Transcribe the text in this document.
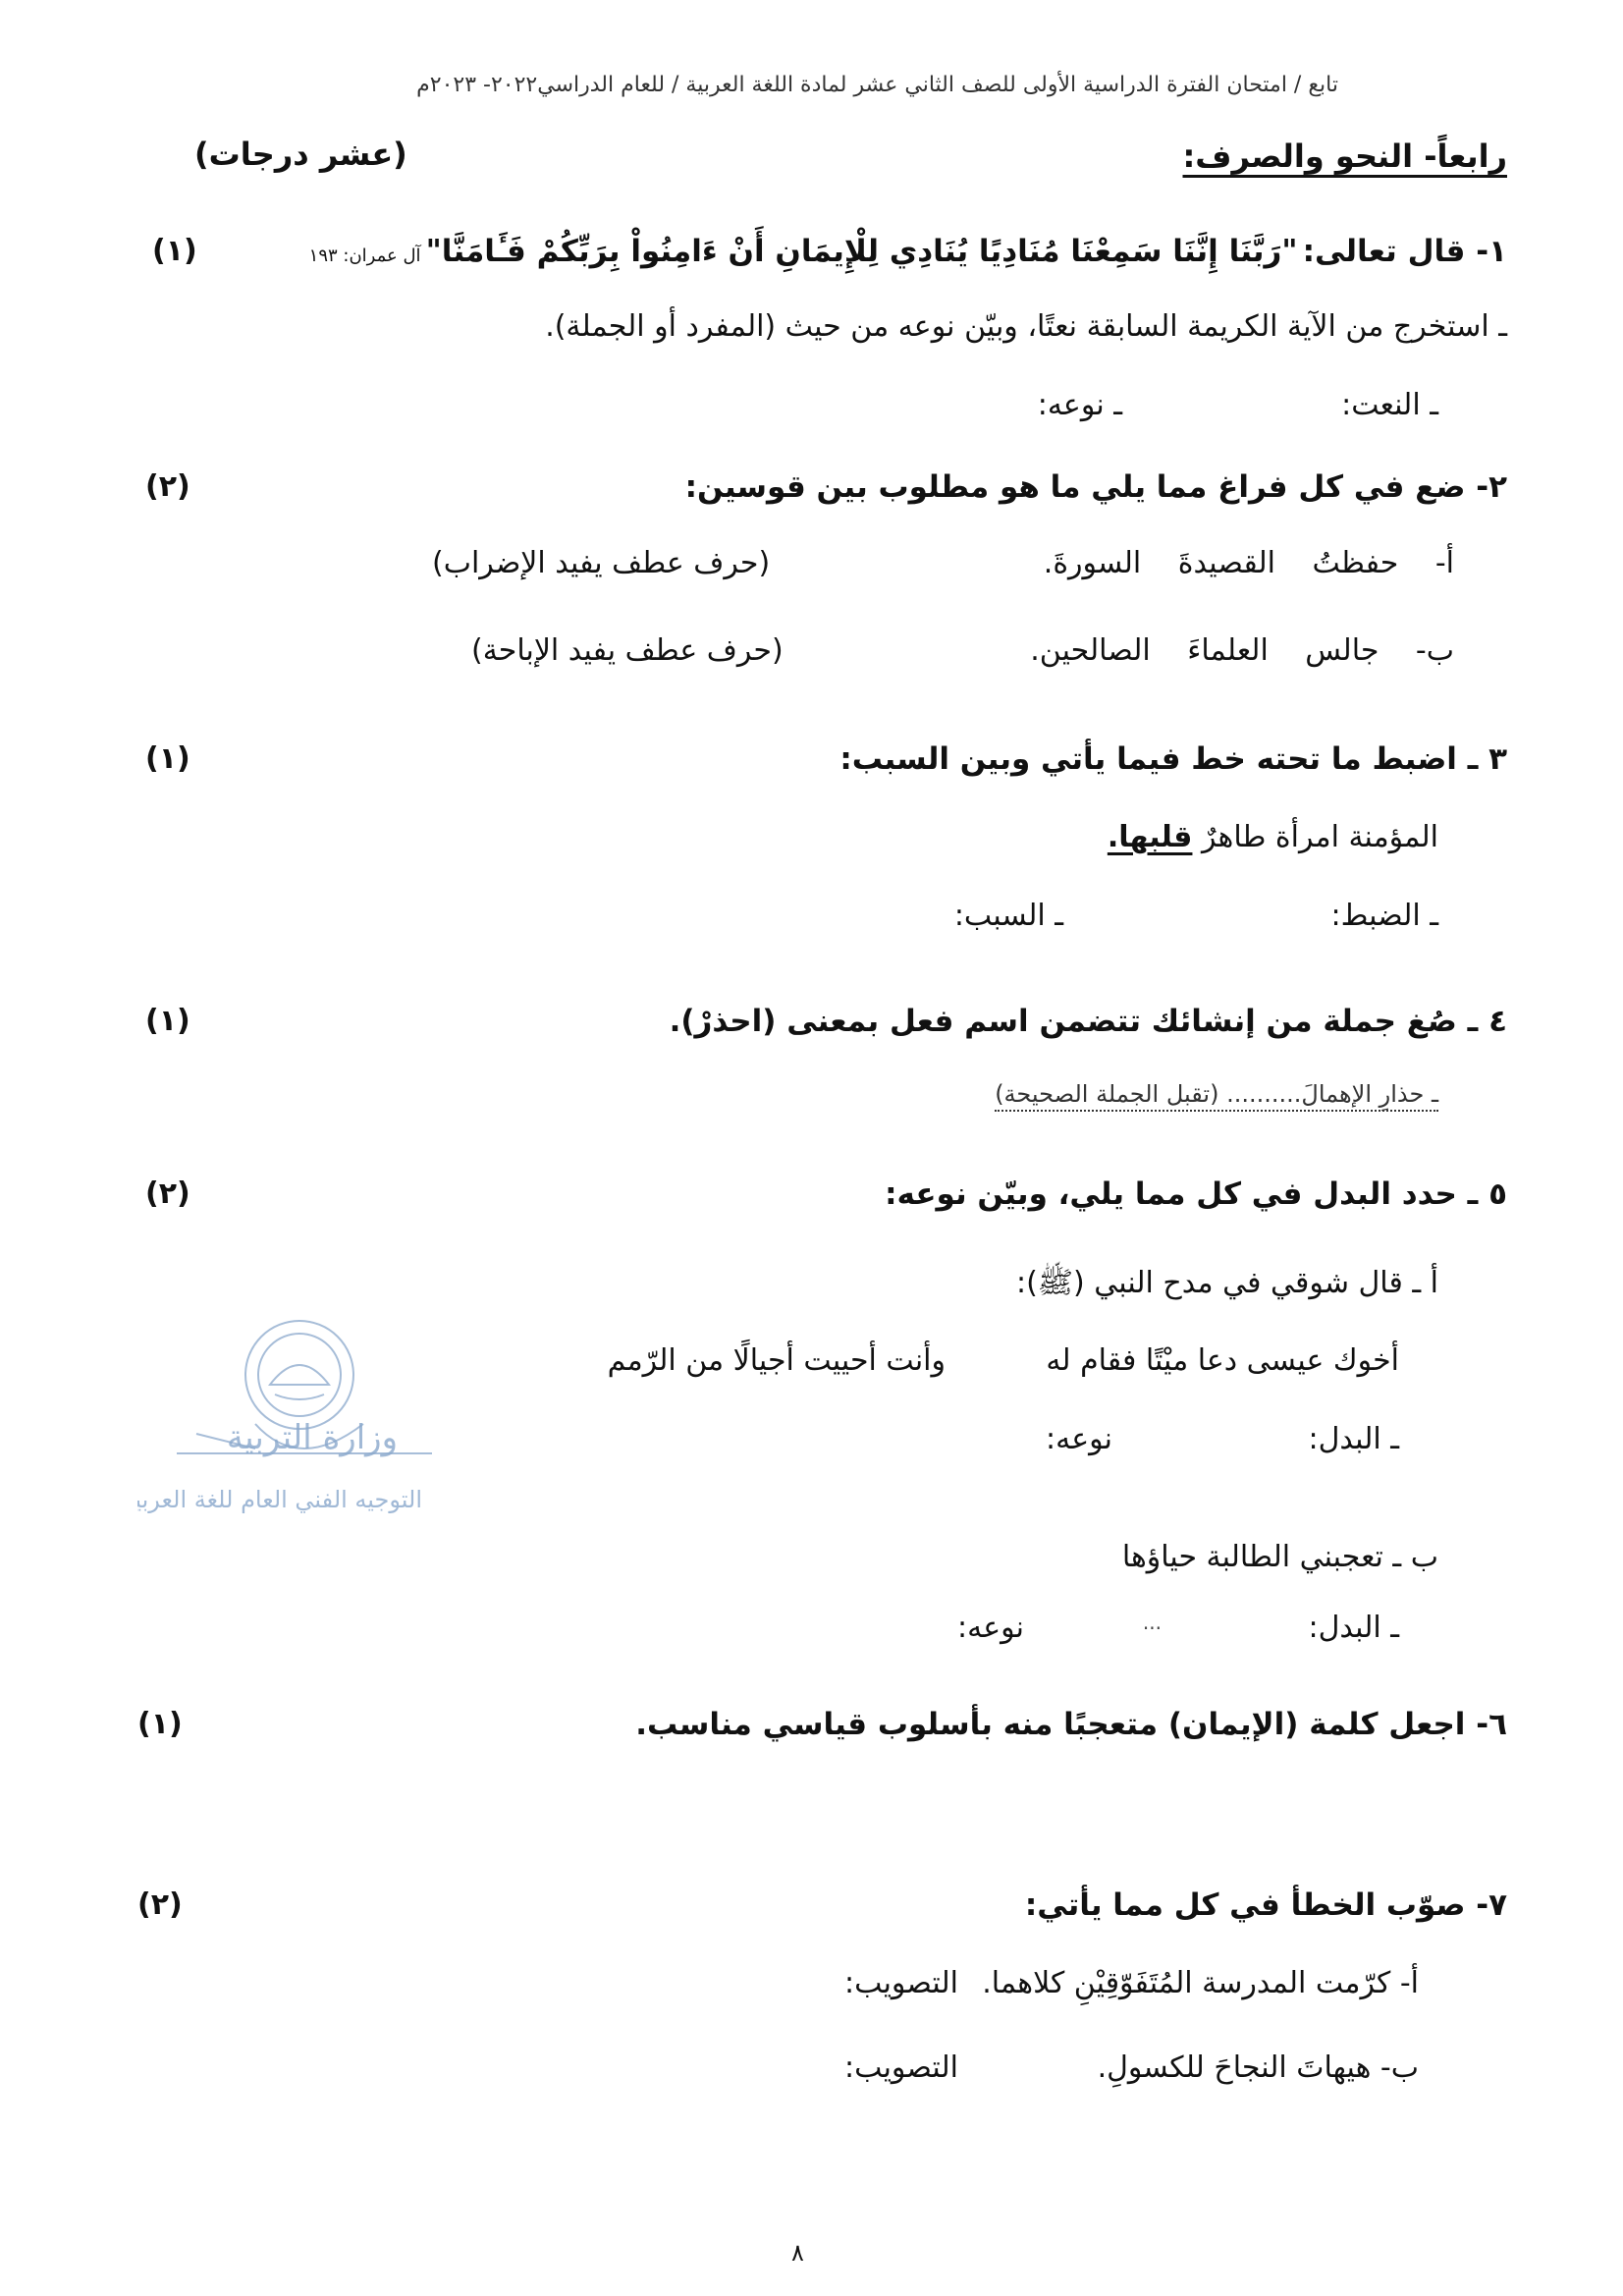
تابع / امتحان الفترة الدراسية الأولى للصف الثاني عشر لمادة اللغة العربية / للعام الدراسي٢٠٢٢- ٢٠٢٣م
رابعاً- النحو والصرف:
(عشر درجات)
(١)	١- قال تعالى: "رَبَّنَا إِنَّنَا سَمِعْنَا مُنَادِيًا يُنَادِي لِلْإِيمَانِ أَنْ ءَامِنُواْ بِرَبِّكُمْ فَـَٔامَنَّا" آل عمران: ١٩٣
ـ استخرج من الآية الكريمة السابقة نعتًا، وبيّن نوعه من حيث (المفرد أو الجملة).
ـ النعت:
ـ نوعه:
(٢)	٢- ضع في كل فراغ مما يلي ما هو مطلوب بين قوسين:
أ- حفظتُ القصيدةَ السورةَ.
(حرف عطف يفيد الإضراب)
ب- جالس العلماءَ الصالحين.
(حرف عطف يفيد الإباحة)
(١)	٣ ـ اضبط ما تحته خط فيما يأتي وبين السبب:
المؤمنة امرأة طاهرٌ قلبها.
ـ الضبط:
ـ السبب:
(١)	٤ ـ صُغ جملة من إنشائك تتضمن اسم فعل بمعنى (احذرْ).
ـ حذارِ الإهمالَ.......... (تقبل الجملة الصحيحة)
(٢)	٥ ـ حدد البدل في كل مما يلي، وبيّن نوعه:
أ ـ قال شوقي في مدح النبي (ﷺ):
أخوك عيسى دعا ميْتًا فقام له
وأنت أحييت أجيالًا من الرّمم
ـ البدل:
نوعه:
ب ـ تعجبني الطالبة حياؤها
ـ البدل:
...
نوعه:
وزارة التربية
التوجيه الفني العام للغة العربية
(١)	٦- اجعل كلمة (الإيمان) متعجبًا منه بأسلوب قياسي مناسب.
(٢)	٧- صوّب الخطأ في كل مما يأتي:
أ- كرّمت المدرسة المُتَفَوّقِيْنِ كلاهما.
التصويب:
ب- هيهاتَ النجاحَ للكسولِ.
التصويب:
٨
